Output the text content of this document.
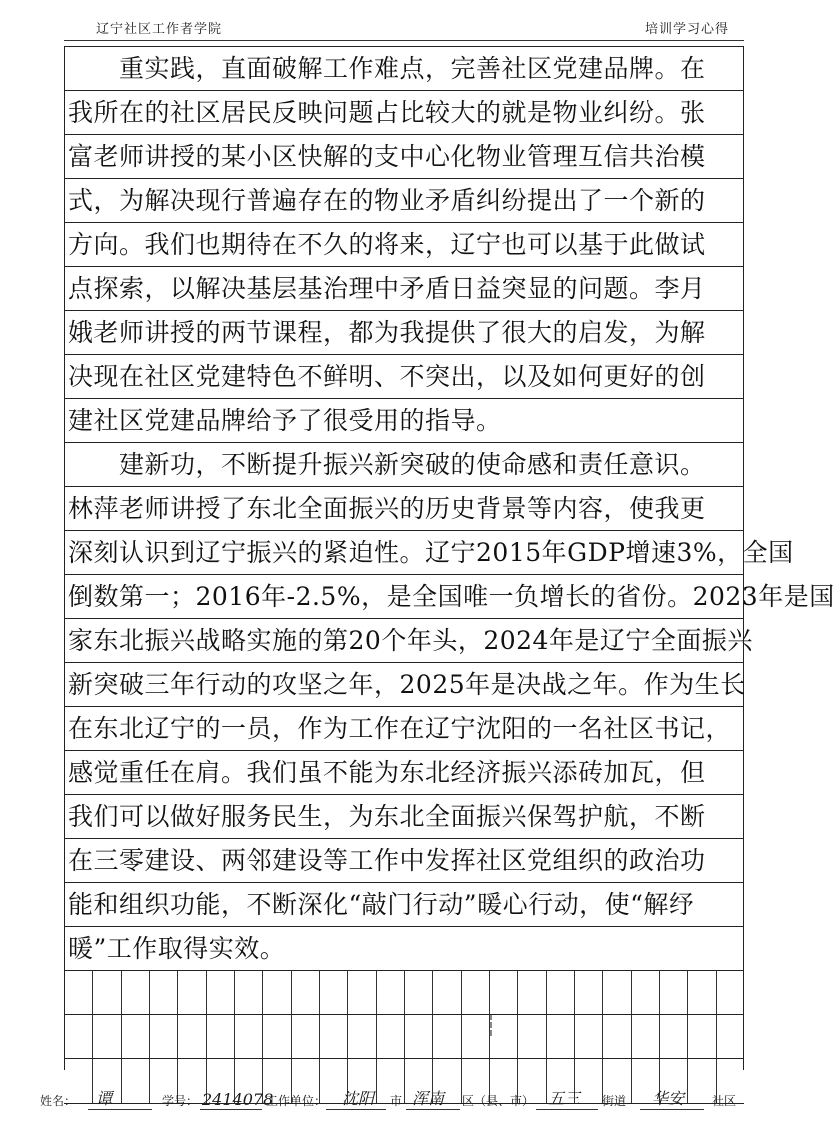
辽宁社区工作者学院	培训学习心得
　　重实践，直面破解工作难点，完善社区党建品牌。在
我所在的社区居民反映问题占比较大的就是物业纠纷。张
富老师讲授的某小区快解的支中心化物业管理互信共治模
式，为解决现行普遍存在的物业矛盾纠纷提出了一个新的
方向。我们也期待在不久的将来，辽宁也可以基于此做试
点探索，以解决基层基治理中矛盾日益突显的问题。李月
娥老师讲授的两节课程，都为我提供了很大的启发，为解
决现在社区党建特色不鲜明、不突出，以及如何更好的创
建社区党建品牌给予了很受用的指导。
　　建新功，不断提升振兴新突破的使命感和责任意识。
林萍老师讲授了东北全面振兴的历史背景等内容，使我更
深刻认识到辽宁振兴的紧迫性。辽宁2015年GDP增速3%，全国
倒数第一；2016年-2.5%，是全国唯一负增长的省份。2023年是国
家东北振兴战略实施的第20个年头，2024年是辽宁全面振兴
新突破三年行动的攻坚之年，2025年是决战之年。作为生长
在东北辽宁的一员，作为工作在辽宁沈阳的一名社区书记，
感觉重任在肩。我们虽不能为东北经济振兴添砖加瓦，但
我们可以做好服务民生，为东北全面振兴保驾护航，不断
在三零建设、两邻建设等工作中发挥社区党组织的政治功
能和组织功能，不断深化“敲门行动”暖心行动，使“解纾
暖”工作取得实效。
姓名： 谭	学号： 2414078
工作单位： 沈阳 市 浑南 区（县、市） 五三 街道 华安 社区
